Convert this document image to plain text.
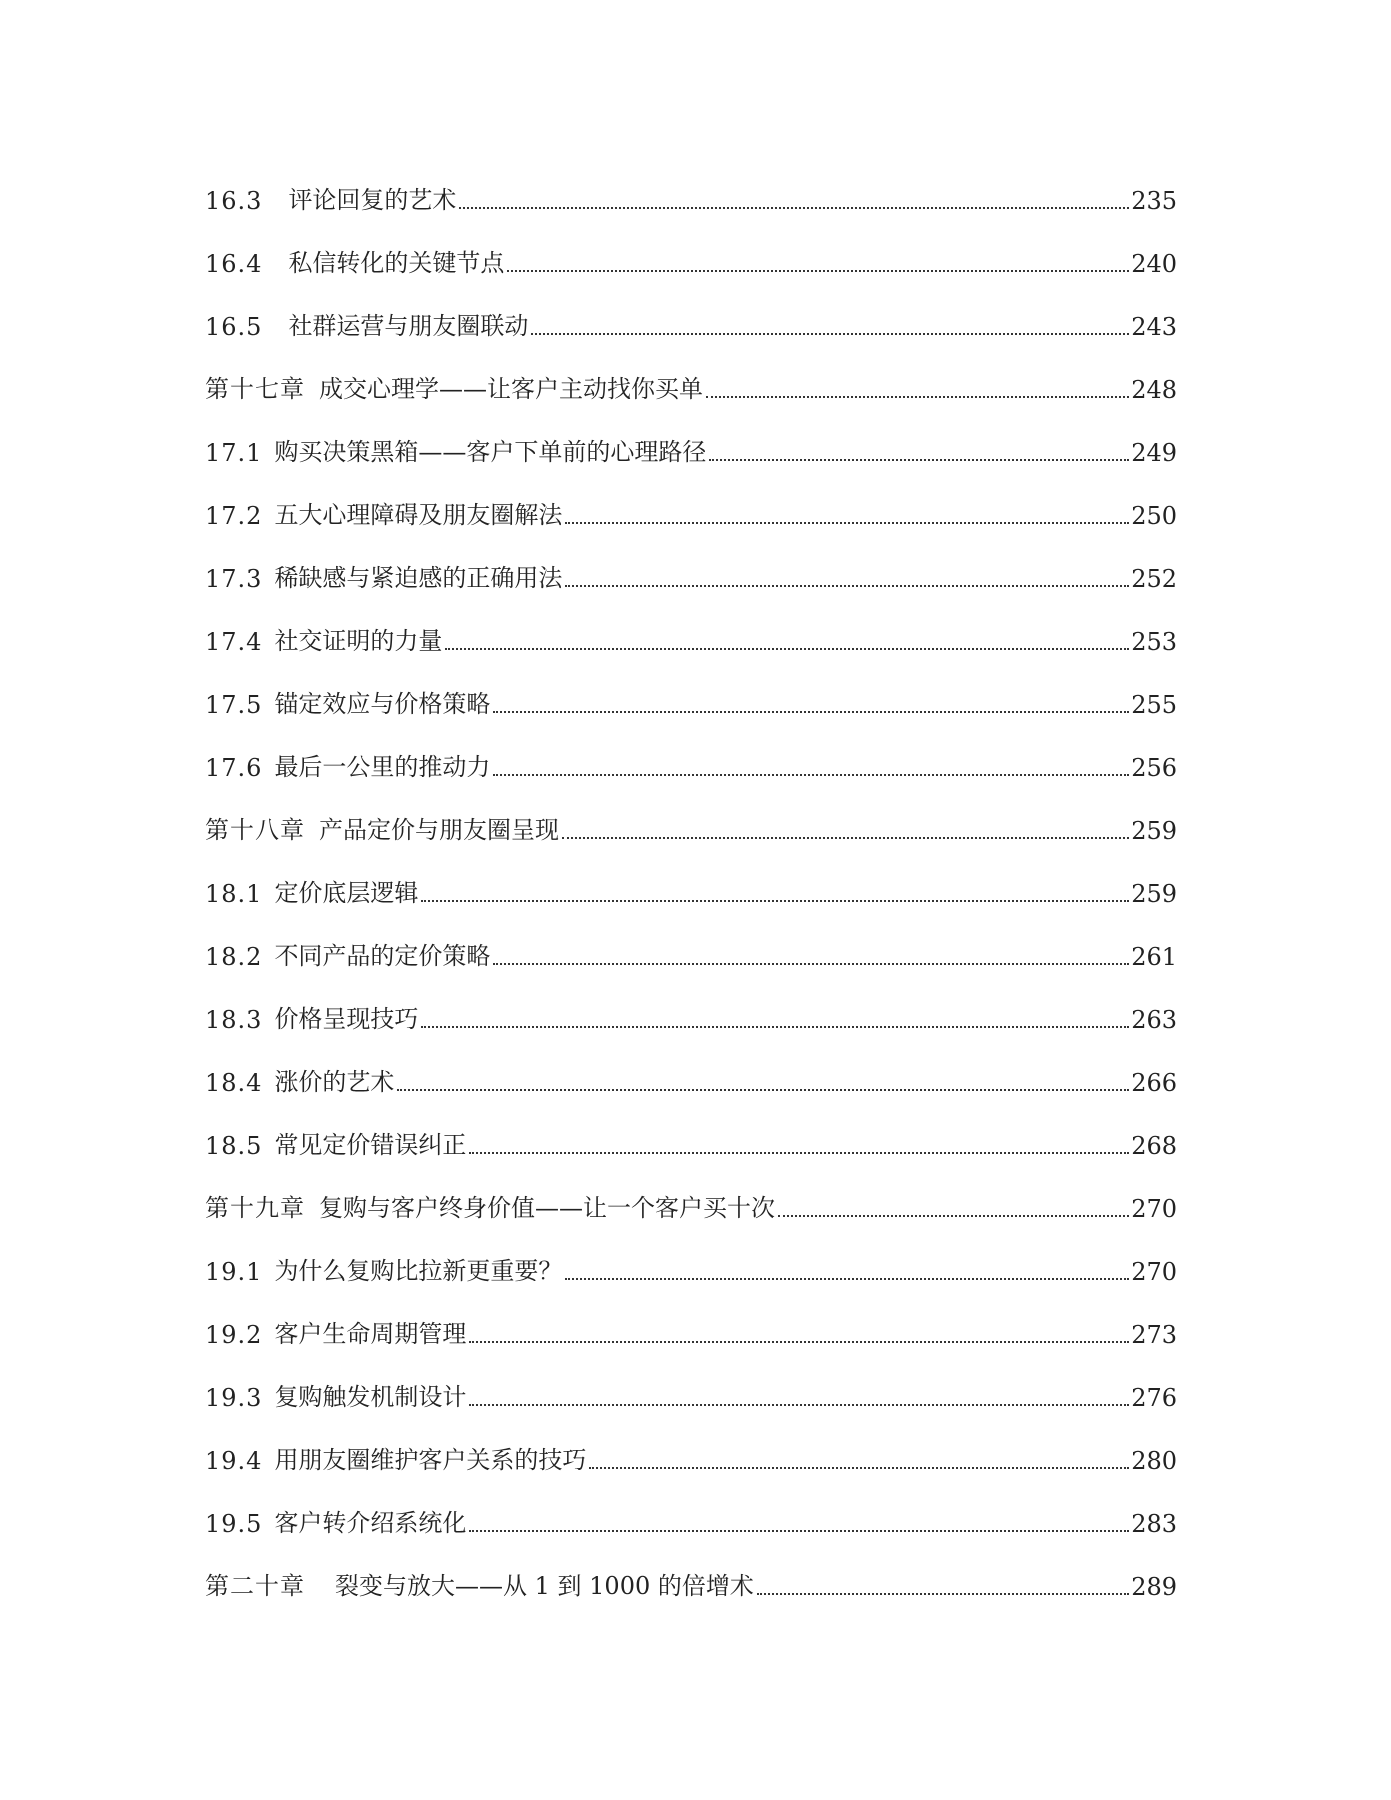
16.3	评论回复的艺术	235
16.4	私信转化的关键节点	240
16.5	社群运营与朋友圈联动	243
第十七章 成交心理学——让客户主动找你买单	248
17.1 购买决策黑箱——客户下单前的心理路径	249
17.2 五大心理障碍及朋友圈解法	250
17.3 稀缺感与紧迫感的正确用法	252
17.4 社交证明的力量	253
17.5 锚定效应与价格策略	255
17.6 最后一公里的推动力	256
第十八章 产品定价与朋友圈呈现	259
18.1 定价底层逻辑	259
18.2 不同产品的定价策略	261
18.3 价格呈现技巧	263
18.4 涨价的艺术	266
18.5 常见定价错误纠正	268
第十九章 复购与客户终身价值——让一个客户买十次	270
19.1 为什么复购比拉新更重要？	270
19.2 客户生命周期管理	273
19.3 复购触发机制设计	276
19.4 用朋友圈维护客户关系的技巧	280
19.5 客户转介绍系统化	283
第二十章	裂变与放大——从 1 到 1000 的倍增术	289
